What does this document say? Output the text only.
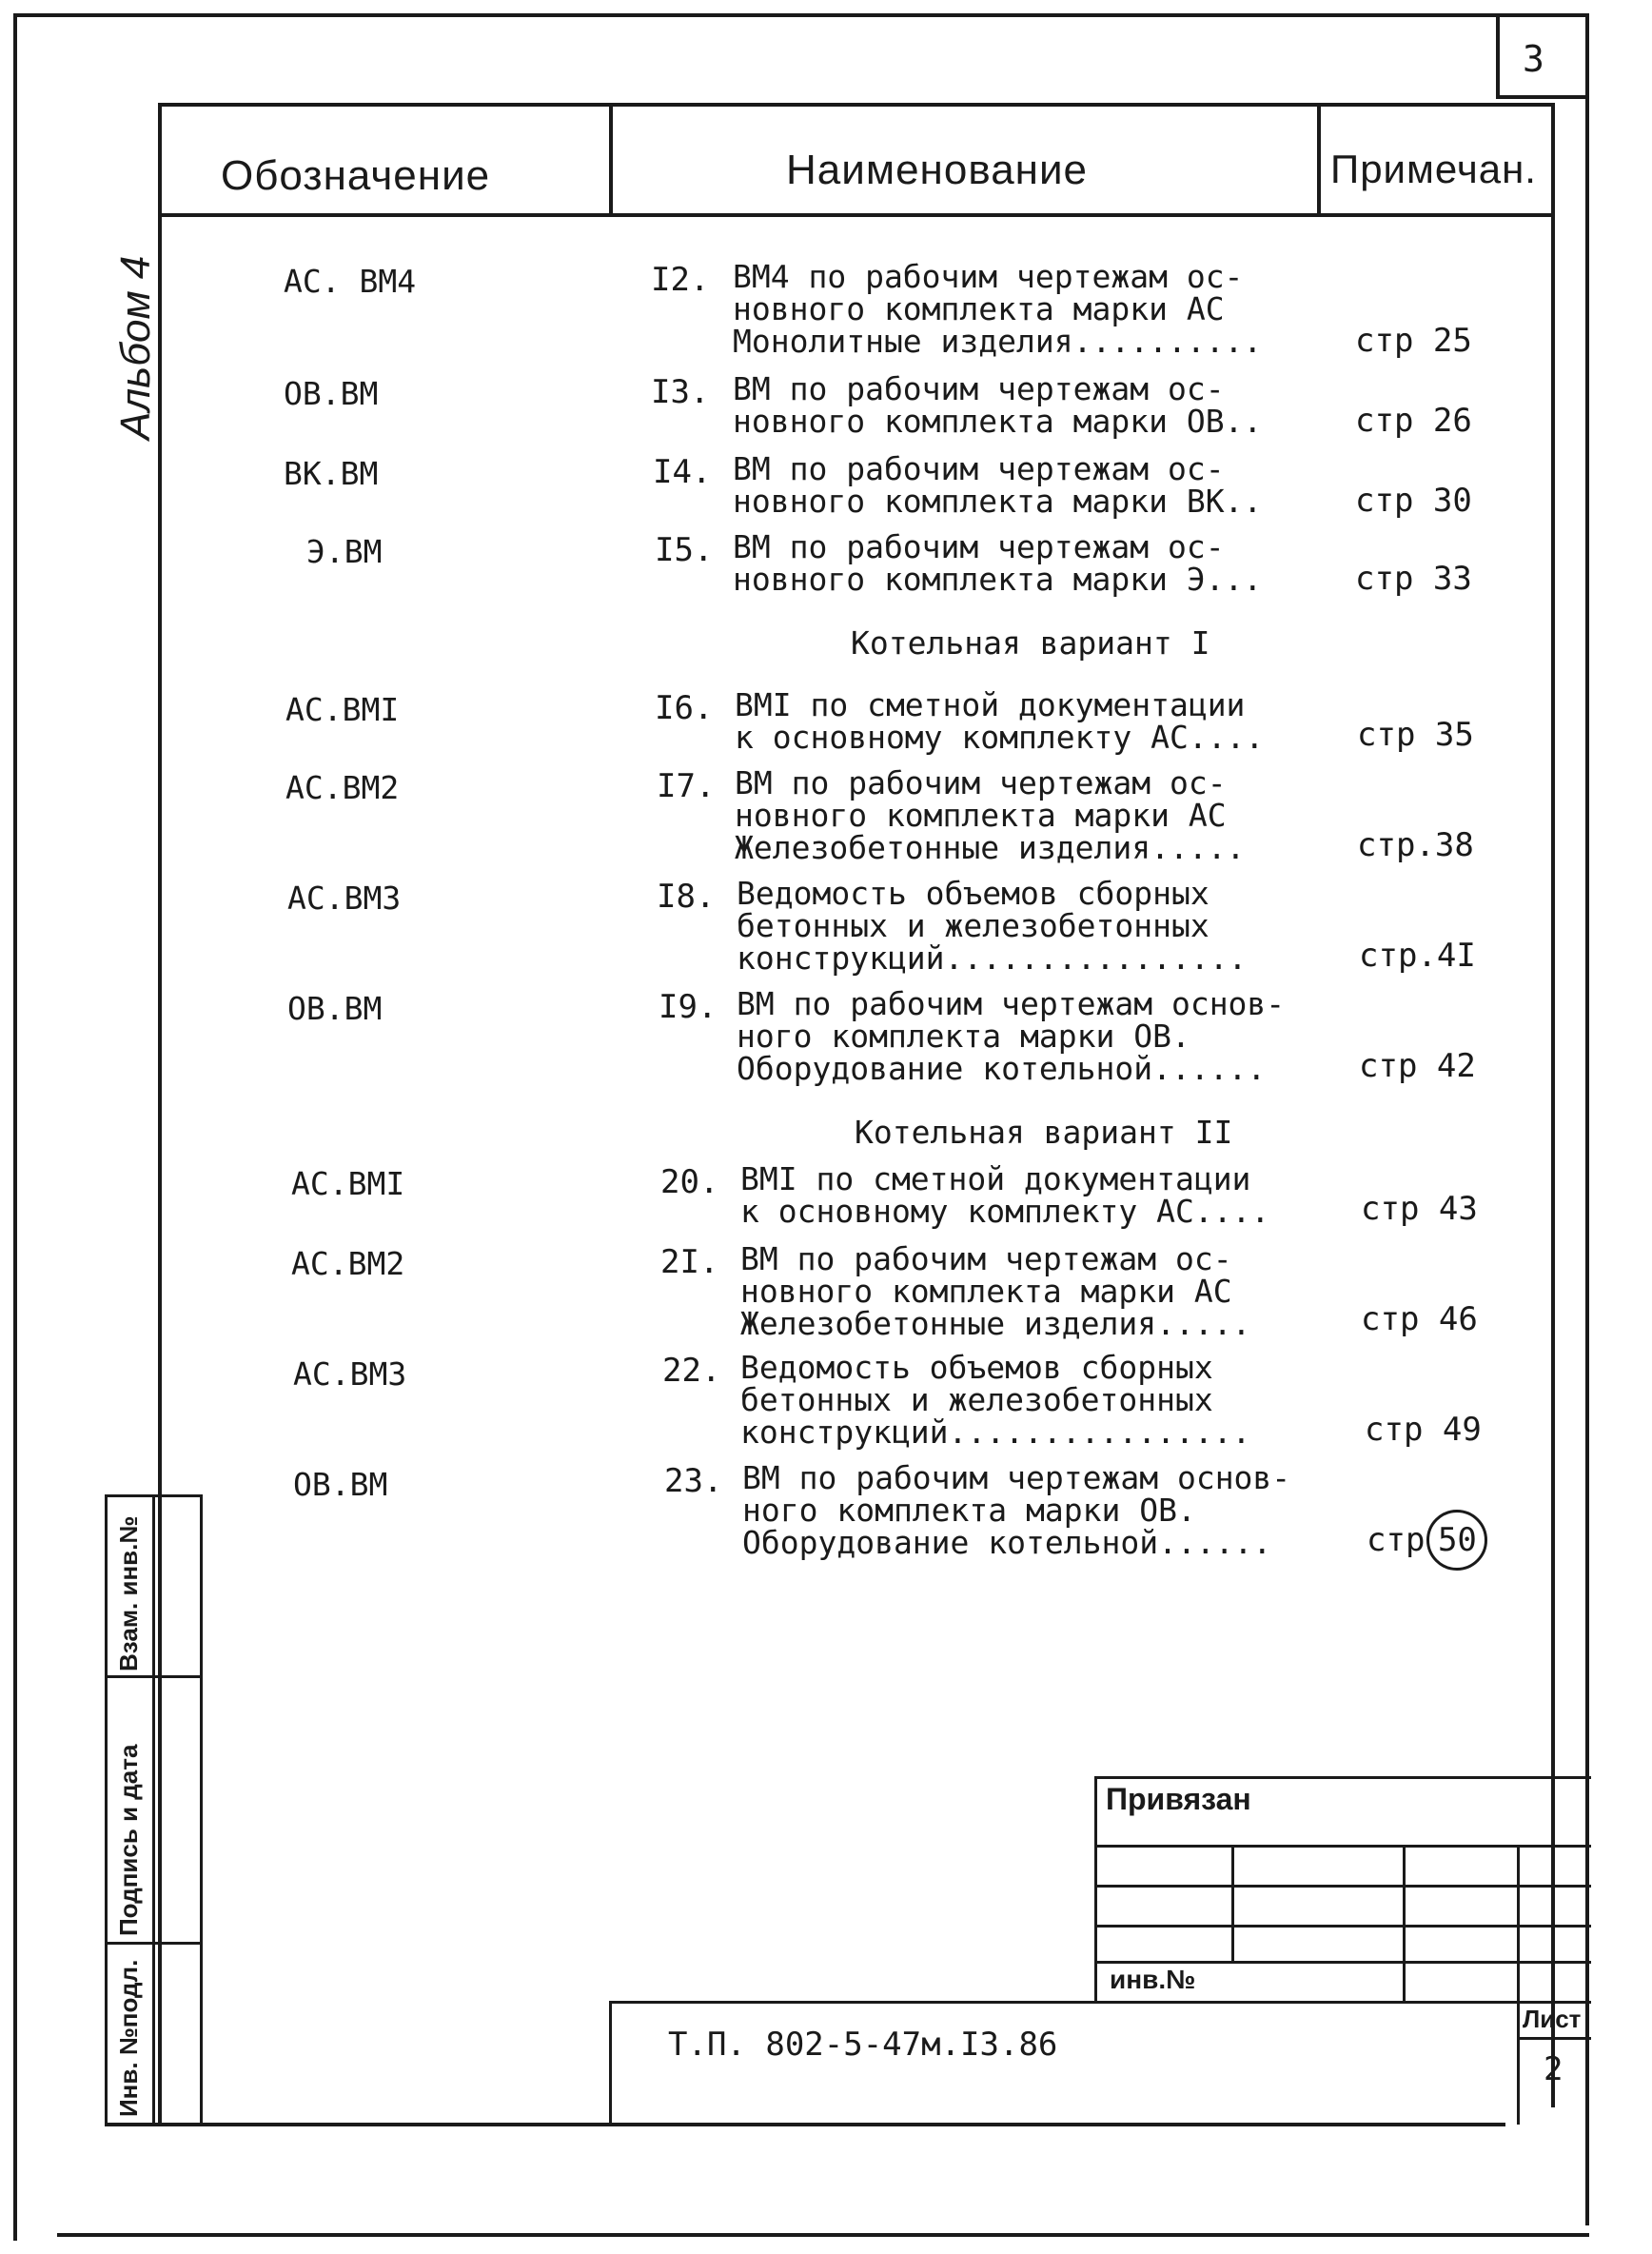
3
Обозначение	Наименование	Примечан.
Альбом 4	АС. ВМ4	I2. ВМ4 по рабочим чертежам ос-
новного комплекта марки АС
Монолитные изделия..........	стр 25
ОВ.ВМ	I3. ВМ по рабочим чертежам ос-
новного комплекта марки ОВ..	стр 26
ВК.ВМ	I4. ВМ по рабочим чертежам ос-
новного комплекта марки ВК..	стр 30
Э.ВМ	I5. ВМ по рабочим чертежам ос-
новного комплекта марки Э...	стр 33
Котельная вариант I
АС.ВМI	I6. ВМI по сметной документации
к основному комплекту АС....	стр 35
АС.ВМ2	I7. ВМ по рабочим чертежам ос-
новного комплекта марки АС
Железобетонные изделия.....	стр.38
АС.ВМ3	I8. Ведомость объемов сборных
бетонных и железобетонных
конструкций................	стр.4I
ОВ.ВМ	I9. ВМ по рабочим чертежам основ-
ного комплекта марки ОВ.
Оборудование котельной......	стр 42
Котельная вариант II
АС.ВМI	20. ВМI по сметной документации
к основному комплекту АС....	стр 43
АС.ВМ2	2I. ВМ по рабочим чертежам ос-
новного комплекта марки АС
Железобетонные изделия.....	стр 46
АС.ВМ3	22. Ведомость объемов сборных
бетонных и железобетонных
конструкций................	стр 49
ОВ.ВМ	23. ВМ по рабочим чертежам основ-
ного комплекта марки ОВ.
Оборудование котельной......	стр 50
Взам. инв.№
Подпись и дата
Инв. №подл.
Привязан
инв.№
Лист
2
Т.П. 802-5-47м.I3.86
